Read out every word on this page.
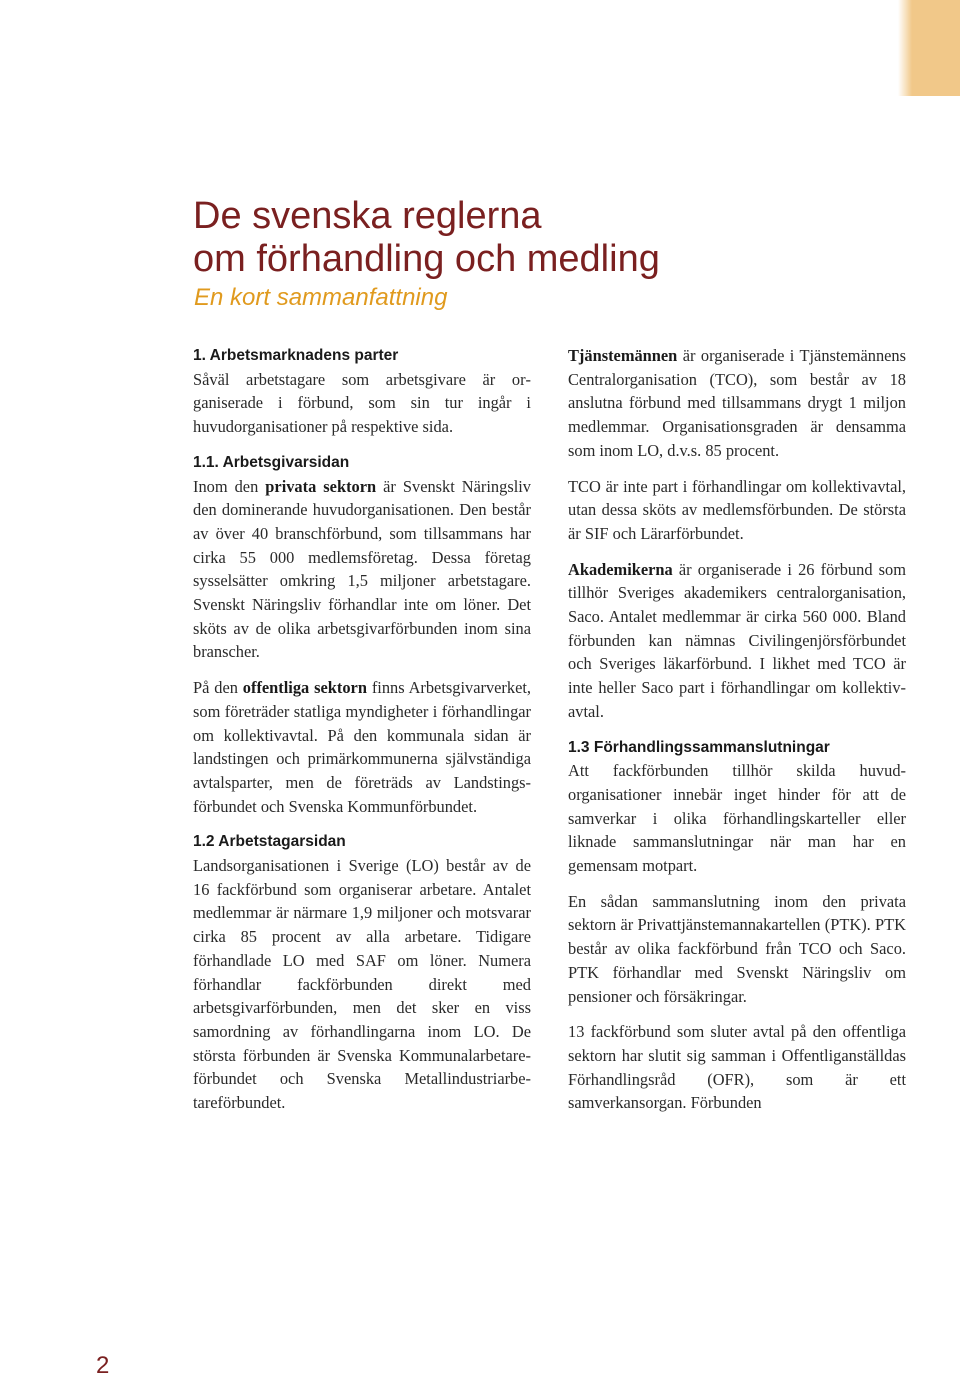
De svenska reglerna
om förhandling och medling
En kort sammanfattning
1. Arbetsmarknadens parter

Såväl arbetstagare som arbetsgivare är organiserade i förbund, som sin tur ingår i huvudorganisationer på respektive sida.

1.1. Arbetsgivarsidan

Inom den privata sektorn är Svenskt Näringsliv den dominerande huvudorganisationen. Den består av över 40 branschförbund, som tillsammans har cirka 55 000 medlemsföretag. Dessa företag sysselsätter omkring 1,5 miljoner arbetstagare. Svenskt Näringsliv förhandlar inte om löner. Det sköts av de olika arbetsgivarförbunden inom sina branscher.

På den offentliga sektorn finns Arbetsgivarverket, som företräder statliga myndigheter i förhandlingar om kollektivavtal. På den kommunala sidan är landstingen och primärkommunerna självständiga avtalsparter, men de företräds av Landstingsförbundet och Svenska Kommunförbundet.

1.2 Arbetstagarsidan

Landsorganisationen i Sverige (LO) består av de 16 fackförbund som organiserar arbetare. Antalet medlemmar är närmare 1,9 miljoner och motsvarar cirka 85 procent av alla arbetare. Tidigare förhandlade LO med SAF om löner. Numera förhandlar fackförbunden direkt med arbetsgivarförbunden, men det sker en viss samordning av förhandlingarna inom LO. De största förbunden är Svenska Kommunalarbetareförbundet och Svenska Metallindustriarbetareförbundet.

Tjänstemännen är organiserade i Tjänstemännens Centralorganisation (TCO), som består av 18 anslutna förbund med tillsammans drygt 1 miljon medlemmar. Organisationsgraden är densamma som inom LO, d.v.s. 85 procent.

TCO är inte part i förhandlingar om kollektivavtal, utan dessa sköts av medlemsförbunden. De största är SIF och Lärarförbundet.

Akademikerna är organiserade i 26 förbund som tillhör Sveriges akademikers centralorganisation, Saco. Antalet medlemmar är cirka 560 000. Bland förbunden kan nämnas Civilingenjörsförbundet och Sveriges läkarförbund. I likhet med TCO är inte heller Saco part i förhandlingar om kollektivavtal.

1.3 Förhandlingssammanslutningar

Att fackförbunden tillhör skilda huvudorganisationer innebär inget hinder för att de samverkar i olika förhandlingskarteller eller liknade sammanslutningar när man har en gemensam motpart.

En sådan sammanslutning inom den privata sektorn är Privattjänstemannakartellen (PTK). PTK består av olika fackförbund från TCO och Saco. PTK förhandlar med Svenskt Näringsliv om pensioner och försäkringar.

13 fackförbund som sluter avtal på den offentliga sektorn har slutit sig samman i Offentliganställdas Förhandlingsråd (OFR), som är ett samverkansorgan. Förbunden

2
